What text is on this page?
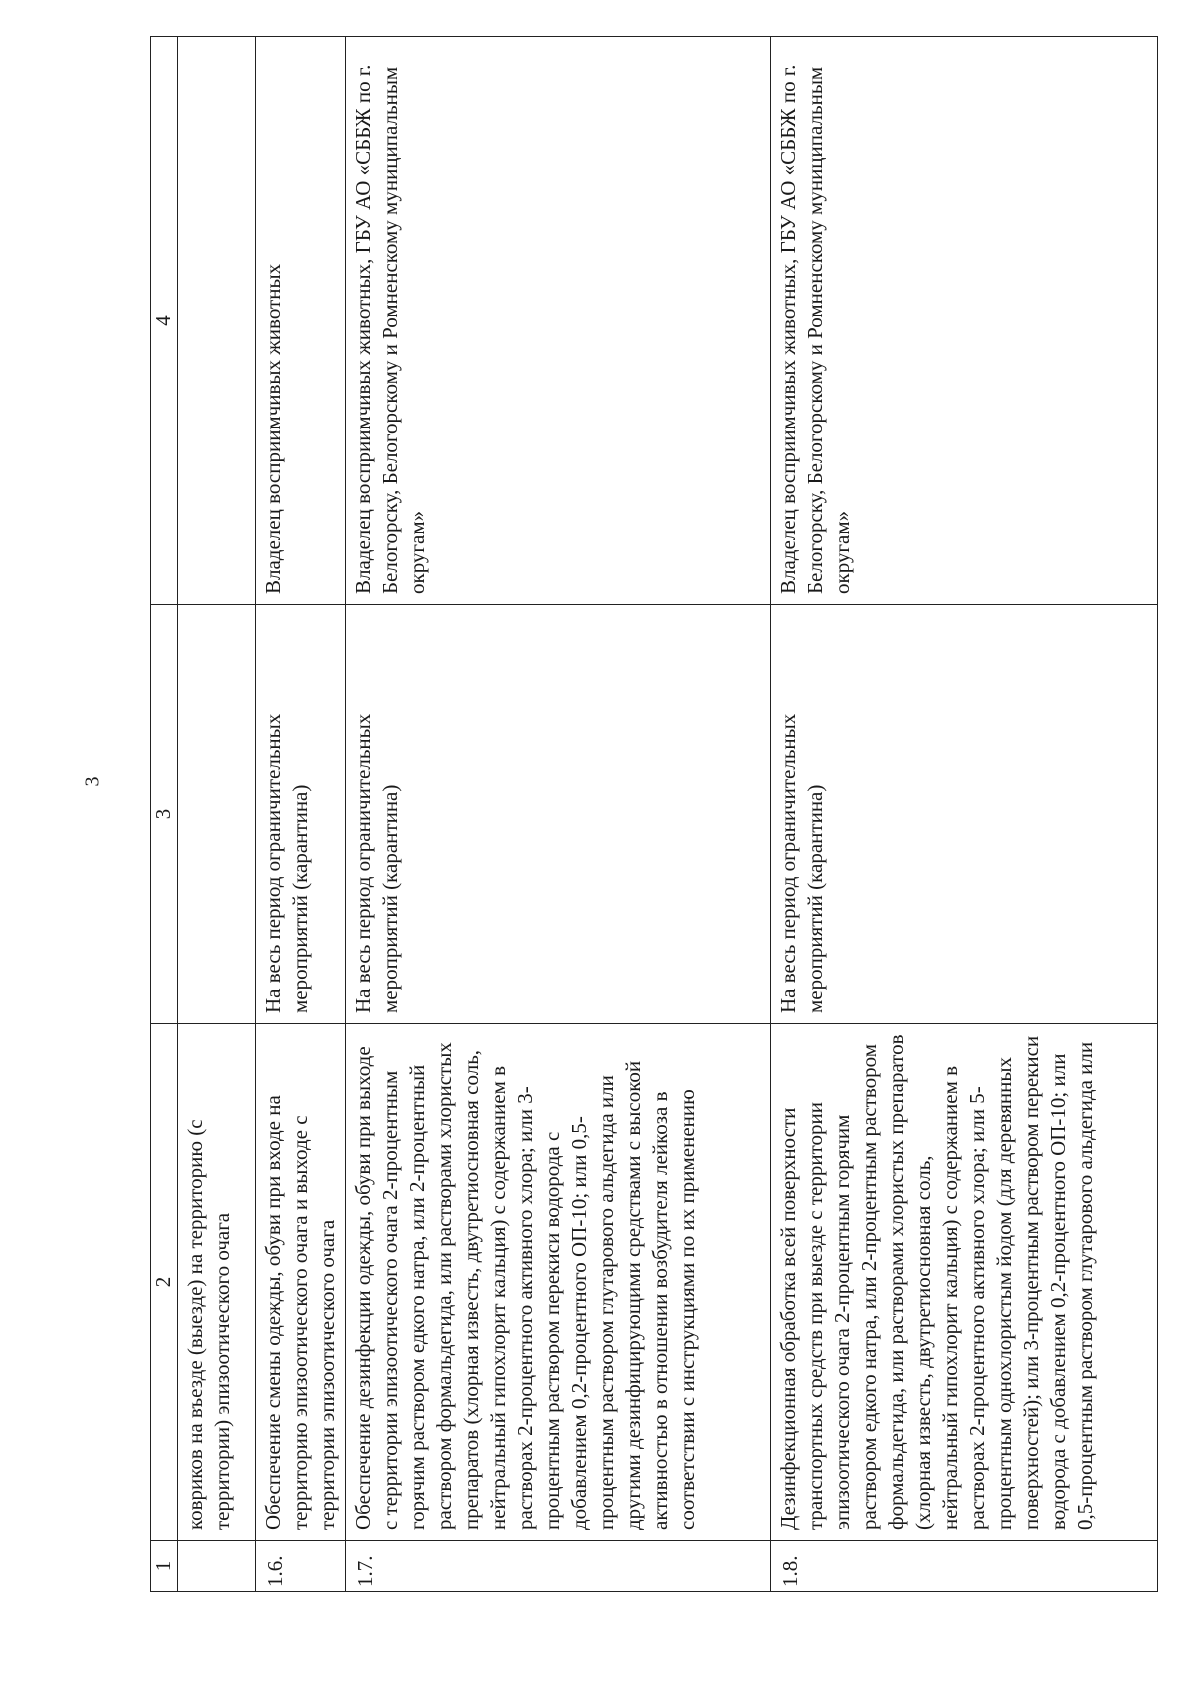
3
1	2	3	4
	ковриков на въезде (выезде) на территорию (с территории) эпизоотического очага		
1.6.	Обеспечение смены одежды, обуви при входе на территорию эпизоотического очага и выходе с территории эпизоотического очага	На весь период ограничительных мероприятий (карантина)	Владелец восприимчивых животных
1.7.	Обеспечение дезинфекции одежды, обуви при выходе с территории эпизоотического очага 2-процентным горячим раствором едкого натра, или 2-процентный раствором формальдегида, или растворами хлористых препаратов (хлорная известь, двутретиосновная соль, нейтральный гипохлорит кальция) с содержанием в растворах 2-процентного активного хлора; или 3-процентным раствором перекиси водорода с добавлением 0,2-процентного ОП-10; или 0,5-процентным раствором глутарового альдегида или другими дезинфицирующими средствами с высокой активностью в отношении возбудителя лейкоза в соответствии с инструкциями по их применению	На весь период ограничительных мероприятий (карантина)	Владелец восприимчивых животных, ГБУ АО «СББЖ по г. Белогорску, Белогорскому и Ромненскому муниципальным округам»
1.8.	Дезинфекционная обработка всей поверхности транспортных средств при выезде с территории эпизоотического очага 2-процентным горячим раствором едкого натра, или 2-процентным раствором формальдегида, или растворами хлористых препаратов (хлорная известь, двутретиосновная соль, нейтральный гипохлорит кальция) с содержанием в растворах 2-процентного активного хлора; или 5-процентным однохлористым йодом (для деревянных поверхностей); или 3-процентным раствором перекиси водорода с добавлением 0,2-процентного ОП-10; или 0,5-процентным раствором глутарового альдегида или	На весь период ограничительных мероприятий (карантина)	Владелец восприимчивых животных, ГБУ АО «СББЖ по г. Белогорску, Белогорскому и Ромненскому муниципальным округам»
